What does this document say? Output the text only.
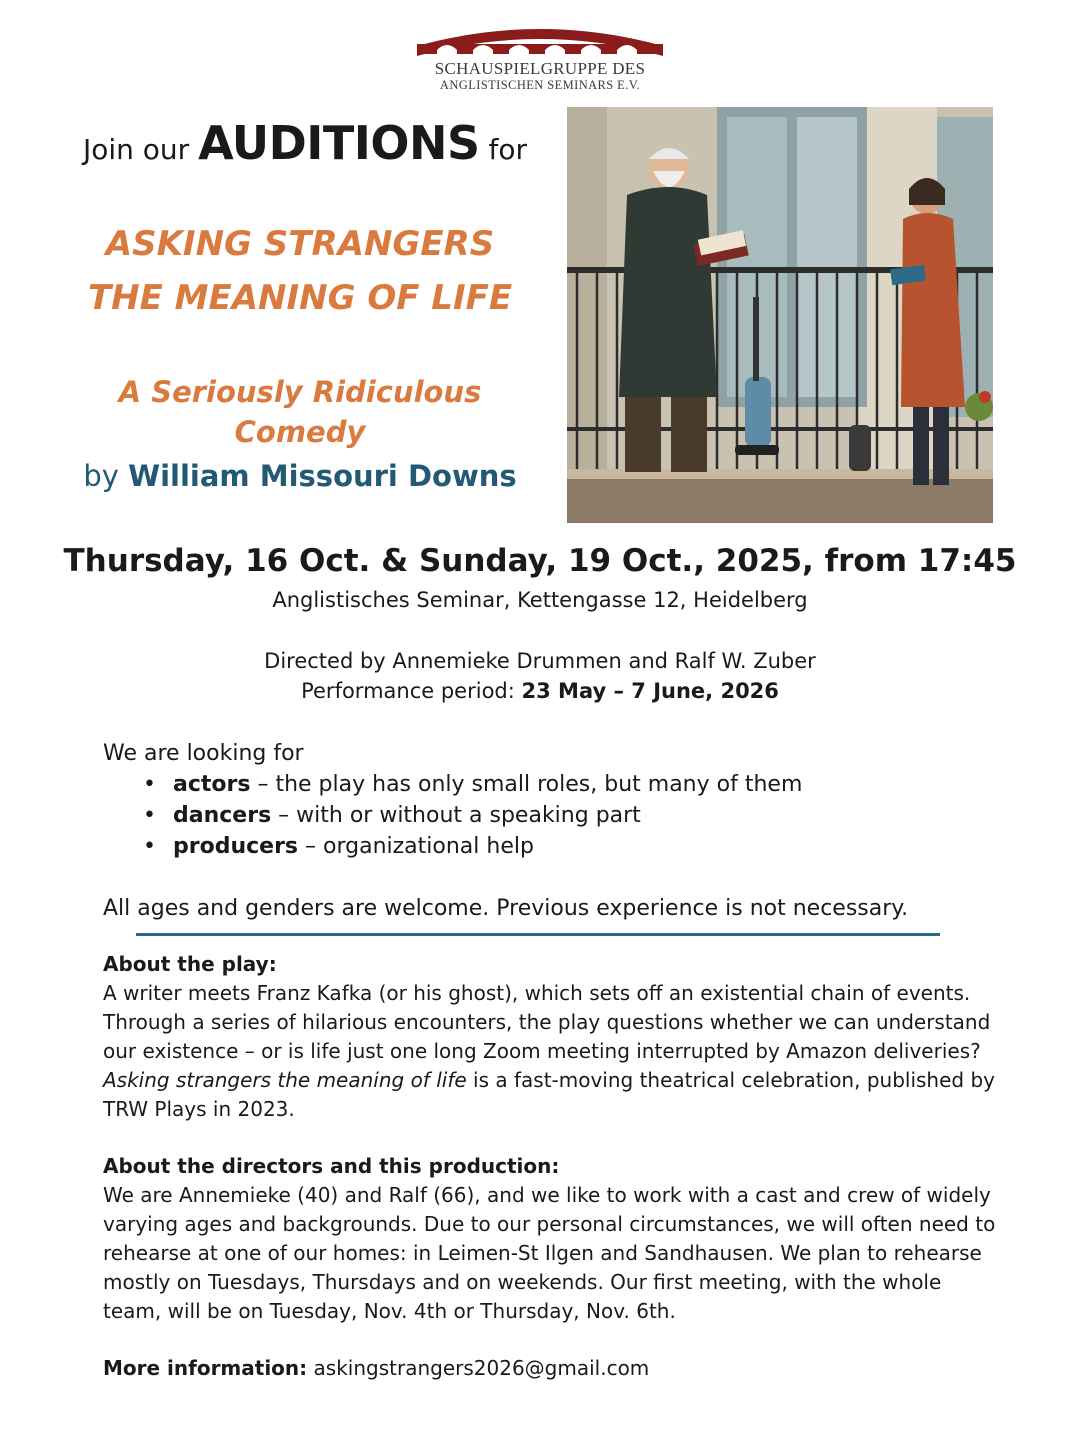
SCHAUSPIELGRUPPE DES
ANGLISTISCHEN SEMINARS E.V.
Join our AUDITIONS for
ASKING STRANGERS
THE MEANING OF LIFE
A Seriously Ridiculous Comedy
by William Missouri Downs
Thursday, 16 Oct. & Sunday, 19 Oct., 2025, from 17:45
Anglistisches Seminar, Kettengasse 12, Heidelberg
Directed by Annemieke Drummen and Ralf W. Zuber
Performance period: 23 May – 7 June, 2026
We are looking for
• actors – the play has only small roles, but many of them
• dancers – with or without a speaking part
• producers – organizational help
All ages and genders are welcome. Previous experience is not necessary.
About the play:
A writer meets Franz Kafka (or his ghost), which sets off an existential chain of events. Through a series of hilarious encounters, the play questions whether we can understand our existence – or is life just one long Zoom meeting interrupted by Amazon deliveries? Asking strangers the meaning of life is a fast-moving theatrical celebration, published by TRW Plays in 2023.
About the directors and this production:
We are Annemieke (40) and Ralf (66), and we like to work with a cast and crew of widely varying ages and backgrounds. Due to our personal circumstances, we will often need to rehearse at one of our homes: in Leimen-St Ilgen and Sandhausen. We plan to rehearse mostly on Tuesdays, Thursdays and on weekends. Our first meeting, with the whole team, will be on Tuesday, Nov. 4th or Thursday, Nov. 6th.
More information: askingstrangers2026@gmail.com
